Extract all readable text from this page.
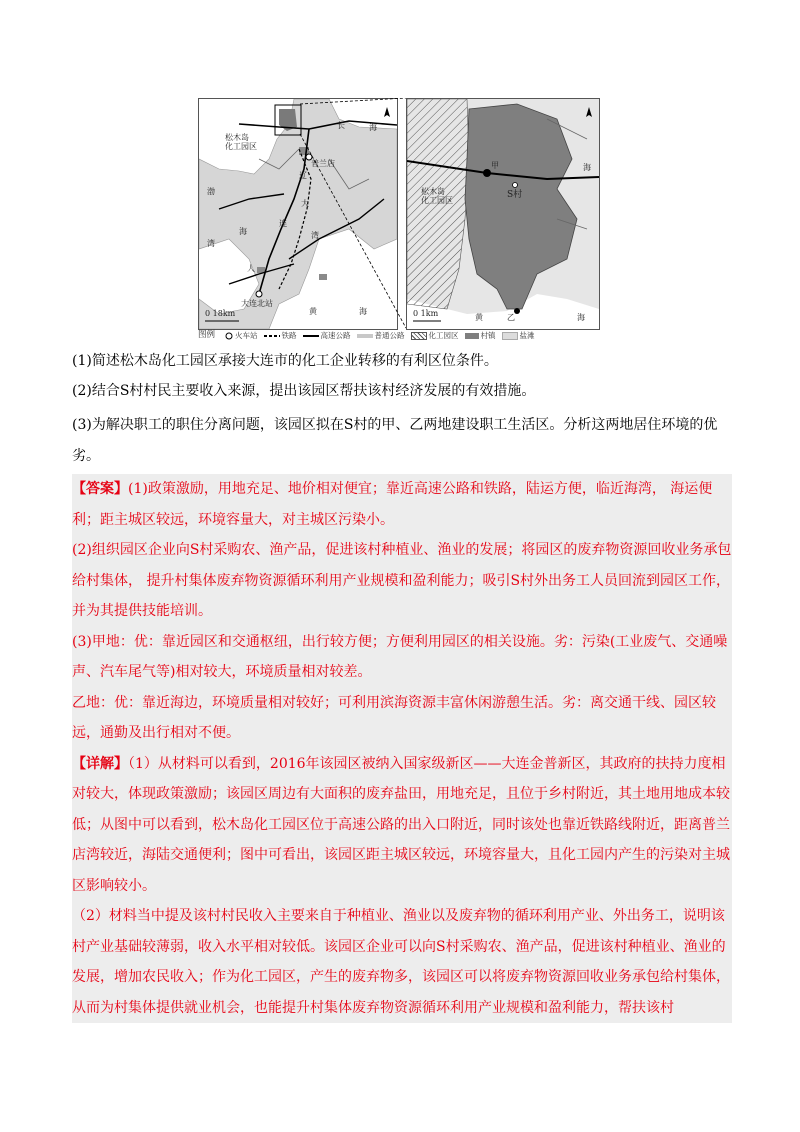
松木岛
化工园区
普兰店
长	海
渤
海
湾
辽
大
连
湾
人
大连北站
黄	海
0 18km
松木岛
化工园区
S村
甲
乙
海
黄	海
0 1km
图例	火车站	铁路	高速公路	普通公路	化工园区	村镇	盐滩
(1)简述松木岛化工园区承接大连市的化工企业转移的有利区位条件。
(2)结合S村村民主要收入来源，提出该园区帮扶该村经济发展的有效措施。
(3)为解决职工的职住分离问题，该园区拟在S村的甲、乙两地建设职工生活区。分析这两地居住环境的优劣。

【答案】(1)政策激励，用地充足、地价相对便宜；靠近高速公路和铁路，陆运方便，临近海湾， 海运便利；距主城区较远，环境容量大，对主城区污染小。

(2)组织园区企业向S村采购农、渔产品，促进该村种植业、渔业的发展；将园区的废弃物资源回收业务承包给村集体， 提升村集体废弃物资源循环利用产业规模和盈利能力；吸引S村外出务工人员回流到园区工作，并为其提供技能培训。

(3)甲地：优：靠近园区和交通枢纽，出行较方便；方便利用园区的相关设施。劣：污染(工业废气、交通噪声、汽车尾气等)相对较大，环境质量相对较差。

乙地：优：靠近海边，环境质量相对较好；可利用滨海资源丰富休闲游憩生活。劣：离交通干线、园区较远，通勤及出行相对不便。

【详解】（1）从材料可以看到，2016年该园区被纳入国家级新区——大连金普新区，其政府的扶持力度相对较大，体现政策激励；该园区周边有大面积的废弃盐田，用地充足，且位于乡村附近，其土地用地成本较低；从图中可以看到，松木岛化工园区位于高速公路的出入口附近，同时该处也靠近铁路线附近，距离普兰店湾较近，海陆交通便利；图中可看出，该园区距主城区较远，环境容量大，且化工园内产生的污染对主城区影响较小。

（2）材料当中提及该村村民收入主要来自于种植业、渔业以及废弃物的循环利用产业、外出务工，说明该村产业基础较薄弱，收入水平相对较低。该园区企业可以向S村采购农、渔产品，促进该村种植业、渔业的发展，增加农民收入；作为化工园区，产生的废弃物多，该园区可以将废弃物资源回收业务承包给村集体，从而为村集体提供就业机会，也能提升村集体废弃物资源循环利用产业规模和盈利能力，帮扶该村
